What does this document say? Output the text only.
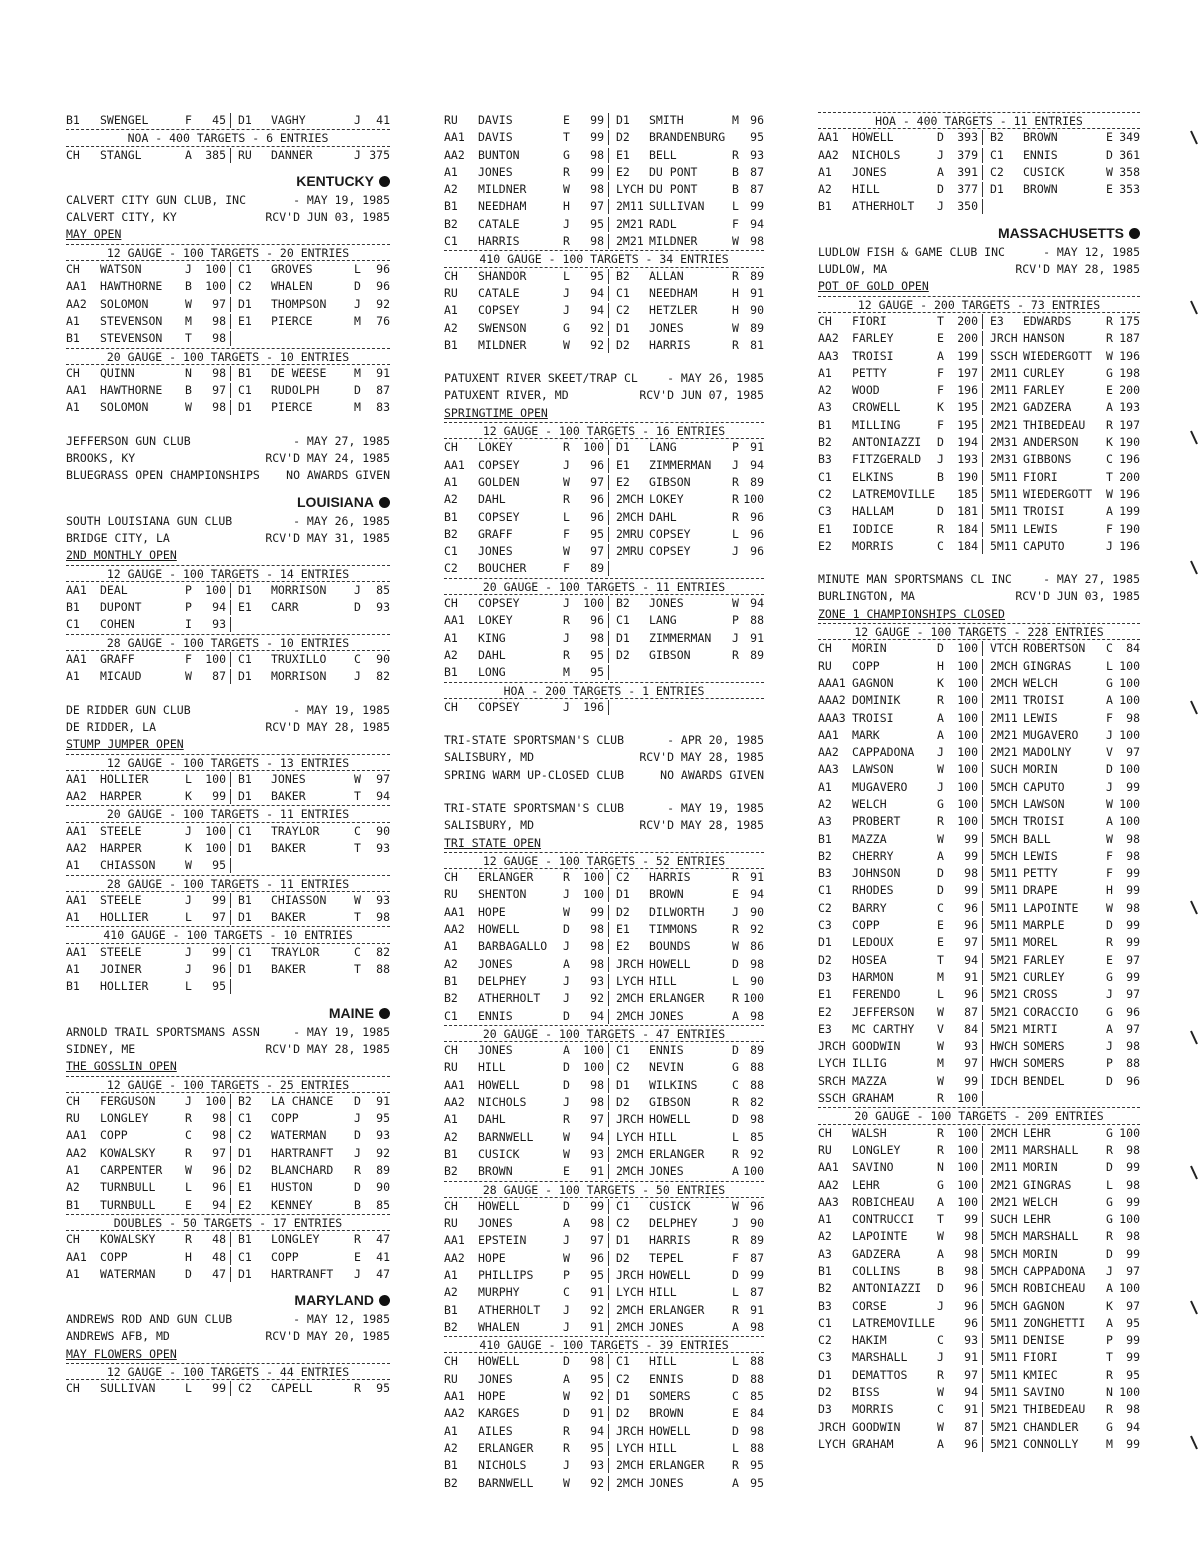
B1 SWENGEL	F	45 D1 VAGHY	J 41
NOA - 400 TARGETS - 6 ENTRIES
CH STANGL	A	385 RU DANNER	J 375
KENTUCKY
CALVERT CITY GUN CLUB, INC	- MAY 19, 1985
CALVERT CITY, KY	RCV'D JUN 03, 1985
MAY OPEN
12 GAUGE - 100 TARGETS - 20 ENTRIES
CH WATSON	J	100 C1 GROVES	L 96
AA1 HAWTHORNE B	100 C2 WHALEN	D 96
AA2 SOLOMON	W	97 D1 THOMPSON J 92
A1 STEVENSON M	98 E1 PIERCE	M 76
B1 STEVENSON T	98
20 GAUGE - 100 TARGETS - 10 ENTRIES
CH QUINN	N	98 B1 DE WEESE M 91
AA1 HAWTHORNE B	97 C1 RUDOLPH	D 87
A1 SOLOMON	W	98 D1 PIERCE	M 83
JEFFERSON GUN CLUB	- MAY 27, 1985
BROOKS, KY	RCV'D MAY 24, 1985
BLUEGRASS OPEN CHAMPIONSHIPS NO AWARDS GIVEN
LOUISIANA
SOUTH LOUISIANA GUN CLUB	- MAY 26, 1985
BRIDGE CITY, LA	RCV'D MAY 31, 1985
2ND MONTHLY OPEN
12 GAUGE - 100 TARGETS - 14 ENTRIES
AA1 DEAL	P	100 D1 MORRISON J 85
B1 DUPONT	P	94 E1 CARR	D 93
C1 COHEN	I	93
28 GAUGE - 100 TARGETS - 10 ENTRIES
AA1 GRAFF	F	100 C1 TRUXILLO C 90
A1 MICAUD	W	87 D1 MORRISON J 82
DE RIDDER GUN CLUB	- MAY 19, 1985
DE RIDDER, LA	RCV'D MAY 28, 1985
STUMP JUMPER OPEN
12 GAUGE - 100 TARGETS - 13 ENTRIES
AA1 HOLLIER	L	100 B1 JONES	W 97
AA2 HARPER	K	99 D1 BAKER	T 94
20 GAUGE - 100 TARGETS - 11 ENTRIES
AA1 STEELE	J	100 C1 TRAYLOR	C 90
AA2 HARPER	K	100 D1 BAKER	T 93
A1 CHIASSON	W	95
28 GAUGE - 100 TARGETS - 11 ENTRIES
AA1 STEELE	J	99 B1 CHIASSON W 93
A1 HOLLIER	L	97 D1 BAKER	T 98
410 GAUGE - 100 TARGETS - 10 ENTRIES
AA1 STEELE	J	99 C1 TRAYLOR	C 82
A1 JOINER	J	96 D1 BAKER	T 88
B1 HOLLIER	L	95
MAINE
ARNOLD TRAIL SPORTSMANS ASSN	- MAY 19, 1985
SIDNEY, ME	RCV'D MAY 28, 1985
THE GOSSLIN OPEN
12 GAUGE - 100 TARGETS - 25 ENTRIES
CH FERGUSON	J	100 B2 LA CHANCE D 91
RU LONGLEY	R	98 C1 COPP	J 95
AA1 COPP	C	98 C2 WATERMAN D 93
AA2 KOWALSKY	R	97 D1 HARTRANFT J 92
A1 CARPENTER W	96 D2 BLANCHARD R 89
A2 TURNBULL	L	96 E1 HUSTON	D 90
B1 TURNBULL	E	94 E2 KENNEY	B 85
DOUBLES - 50 TARGETS - 17 ENTRIES
CH KOWALSKY	R	48 B1 LONGLEY	R 47
AA1 COPP	H	48 C1 COPP	E 41
A1 WATERMAN	D	47 D1 HARTRANFT J 47
MARYLAND
ANDREWS ROD AND GUN CLUB	- MAY 12, 1985
ANDREWS AFB, MD	RCV'D MAY 20, 1985
MAY FLOWERS OPEN
12 GAUGE - 100 TARGETS - 44 ENTRIES
CH SULLIVAN	L	99 C2 CAPELL	R 95
RU DAVIS	E	99 D1 SMITH	M 96
AA1 DAVIS	T	99 D2 BRANDENBURG 95
AA2 BUNTON	G	98 E1 BELL	R 93
A1 JONES	R	99 E2 DU PONT	B 87
A2 MILDNER	W	98 LYCH DU PONT	B 87
B1 NEEDHAM	H	97 2M11 SULLIVAN L 99
B2 CATALE	J	95 2M21 RADL	F 94
C1 HARRIS	R	98 2M21 MILDNER	W 98
410 GAUGE - 100 TARGETS - 34 ENTRIES
CH SHANDOR	L	95 B2 ALLAN	R 89
RU CATALE	J	94 C1 NEEDHAM	H 91
A1 COPSEY	J	94 C2 HETZLER	H 90
A2 SWENSON	G	92 D1 JONES	W 89
B1 MILDNER	W	92 D2 HARRIS	R 81
PATUXENT RIVER SKEET/TRAP CL	- MAY 26, 1985
PATUXENT RIVER, MD	RCV'D JUN 07, 1985
SPRINGTIME OPEN
12 GAUGE - 100 TARGETS - 16 ENTRIES
CH LOKEY	R	100 D1 LANG	P 91
AA1 COPSEY	J	96 E1 ZIMMERMAN J 94
A1 GOLDEN	W	97 E2 GIBSON	R 89
A2 DAHL	R	96 2MCH LOKEY	R 100
B1 COPSEY	L	96 2MCH DAHL	R 96
B2 GRAFF	F	95 2MRU COPSEY	L 96
C1 JONES	W	97 2MRU COPSEY	J 96
C2 BOUCHER	F	89
20 GAUGE - 100 TARGETS - 11 ENTRIES
CH COPSEY	J	100 B2 JONES	W 94
AA1 LOKEY	R	96 C1 LANG	P 88
A1 KING	J	98 D1 ZIMMERMAN J 91
A2 DAHL	R	95 D2 GIBSON	R 89
B1 LONG	M	95
HOA - 200 TARGETS - 1 ENTRIES
CH COPSEY	J	196
TRI-STATE SPORTSMAN'S CLUB	- APR 20, 1985
SALISBURY, MD	RCV'D MAY 28, 1985
SPRING WARM UP-CLOSED CLUB	NO AWARDS GIVEN
TRI-STATE SPORTSMAN'S CLUB	- MAY 19, 1985
SALISBURY, MD	RCV'D MAY 28, 1985
TRI STATE OPEN
12 GAUGE - 100 TARGETS - 52 ENTRIES
CH ERLANGER	R	100 C2 HARRIS	R 91
RU SHENTON	J	100 D1 BROWN	E 94
AA1 HOPE	W	99 D2 DILWORTH J 90
AA2 HOWELL	D	98 E1 TIMMONS	R 92
A1 BARBAGALLO J	98 E2 BOUNDS	W 86
A2 JONES	A	98 JRCH HOWELL	D 98
B1 DELPHEY	J	93 LYCH HILL	L 90
B2 ATHERHOLT J	92 2MCH ERLANGER R 100
C1 ENNIS	D	94 2MCH JONES	A 98
20 GAUGE - 100 TARGETS - 47 ENTRIES
CH JONES	A	100 C1 ENNIS	D 89
RU HILL	D	100 C2 NEVIN	G 88
AA1 HOWELL	D	98 D1 WILKINS	C 88
AA2 NICHOLS	J	98 D2 GIBSON	R 82
A1 DAHL	R	97 JRCH HOWELL	D 98
A2 BARNWELL	W	94 LYCH HILL	L 85
B1 CUSICK	W	93 2MCH ERLANGER R 92
B2 BROWN	E	91 2MCH JONES	A 100
28 GAUGE - 100 TARGETS - 50 ENTRIES
CH HOWELL	D	99 C1 CUSICK	W 96
RU JONES	A	98 C2 DELPHEY	J 90
AA1 EPSTEIN	J	97 D1 HARRIS	R 89
AA2 HOPE	W	96 D2 TEPEL	F 87
A1 PHILLIPS	P	95 JRCH HOWELL	D 99
A2 MURPHY	C	91 LYCH HILL	L 87
B1 ATHERHOLT J	92 2MCH ERLANGER R 91
B2 WHALEN	J	91 2MCH JONES	A 98
410 GAUGE - 100 TARGETS - 39 ENTRIES
CH HOWELL	D	98 C1 HILL	L 88
RU JONES	A	95 C2 ENNIS	D 88
AA1 HOPE	W	92 D1 SOMERS	C 85
AA2 KARGES	D	91 D2 BROWN	E 84
A1 AILES	R	94 JRCH HOWELL	D 98
A2 ERLANGER	R	95 LYCH HILL	L 88
B1 NICHOLS	J	93 2MCH ERLANGER R 95
B2 BARNWELL	W	92 2MCH JONES	A 95
HOA - 400 TARGETS - 11 ENTRIES
AA1 HOWELL	D	393 B2 BROWN	E 349
AA2 NICHOLS	J	379 C1 ENNIS	D 361
A1 JONES	A	391 C2 CUSICK	W 358
A2 HILL	D	377 D1 BROWN	E 353
B1 ATHERHOLT J	350
MASSACHUSETTS
LUDLOW FISH & GAME CLUB INC	- MAY 12, 1985
LUDLOW, MA	RCV'D MAY 28, 1985
POT OF GOLD OPEN
12 GAUGE - 200 TARGETS - 73 ENTRIES
CH FIORI	T	200 E3 EDWARDS	R 175
AA2 FARLEY	E	200 JRCH HANSON	R 187
AA3 TROISI	A	199 SSCH WIEDERGOTT W 196
A1 PETTY	F	197 2M11 CURLEY	G 198
A2 WOOD	F	196 2M11 FARLEY	E 200
A3 CROWELL	K	195 2M21 GADZERA	A 193
B1 MILLING	F	195 2M21 THIBEDEAU R 197
B2 ANTONIAZZI D	194 2M31 ANDERSON K 190
B3 FITZGERALD J	193 2M31 GIBBONS	C 196
C1 ELKINS	B	190 5M11 FIORI	T 200
C2 LATREMOVILLE	185 5M11 WIEDERGOTT W 196
C3 HALLAM	D	181 5M11 TROISI	A 199
E1 IODICE	R	184 5M11 LEWIS	F 190
E2 MORRIS	C	184 5M11 CAPUTO	J 196
MINUTE MAN SPORTSMANS CL INC	- MAY 27, 1985
BURLINGTON, MA	RCV'D JUN 03, 1985
ZONE 1 CHAMPIONSHIPS CLOSED
12 GAUGE - 100 TARGETS - 228 ENTRIES
CH MORIN	D	100 VTCH ROBERTSON C 84
RU COPP	H	100 2MCH GINGRAS	L 100
AAA1 GAGNON	K	100 2MCH WELCH	G 100
AAA2 DOMINIK	R	100 2M11 TROISI	A 100
AAA3 TROISI	A	100 2M11 LEWIS	F 98
AA1 MARK	A	100 2M21 MUGAVERO J 100
AA2 CAPPADONA J	100 2M21 MADOLNY	V 97
AA3 LAWSON	W	100 SUCH MORIN	D 100
A1 MUGAVERO	J	100 5MCH CAPUTO	J 99
A2 WELCH	G	100 5MCH LAWSON	W 100
A3 PROBERT	R	100 5MCH TROISI	A 100
B1 MAZZA	W	99 5MCH BALL	W 98
B2 CHERRY	A	99 5MCH LEWIS	F 98
B3 JOHNSON	D	98 5M11 PETTY	F 99
C1 RHODES	D	99 5M11 DRAPE	H 99
C2 BARRY	C	96 5M11 LAPOINTE W 98
C3 COPP	E	96 5M11 MARPLE	D 99
D1 LEDOUX	E	97 5M11 MOREL	R 99
D2 HOSEA	T	94 5M21 FARLEY	E 97
D3 HARMON	M	91 5M21 CURLEY	G 99
E1 FERENDO	L	96 5M21 CROSS	J 97
E2 JEFFERSON W	87 5M21 CORACCIO G 96
E3 MC CARTHY V	84 5M21 MIRTI	A 97
JRCH GOODWIN	W	93 HWCH SOMERS	J 98
LYCH ILLIG	M	97 HWCH SOMERS	P 88
SRCH MAZZA	W	99 IDCH BENDEL	D 96
SSCH GRAHAM	R	100
20 GAUGE - 100 TARGETS - 209 ENTRIES
CH WALSH	R	100 2MCH LEHR	G 100
RU LONGLEY	R	100 2M11 MARSHALL R 98
AA1 SAVINO	N	100 2M11 MORIN	D 99
AA2 LEHR	G	100 2M21 GINGRAS	L 98
AA3 ROBICHEAU A	100 2M21 WELCH	G 99
A1 CONTRUCCI T	99 SUCH LEHR	G 100
A2 LAPOINTE	W	98 5MCH MARSHALL R 98
A3 GADZERA	A	98 5MCH MORIN	D 99
B1 COLLINS	B	98 5MCH CAPPADONA J 97
B2 ANTONIAZZI D	96 5MCH ROBICHEAU A 100
B3 CORSE	J	96 5MCH GAGNON	K 97
C1 LATREMOVILLE	96 5M11 ZONGHETTI A 95
C2 HAKIM	C	93 5M11 DENISE	P 99
C3 MARSHALL	J	91 5M11 FIORI	T 99
D1 DEMATTOS	R	97 5M11 KMIEC	R 95
D2 BISS	W	94 5M11 SAVINO	N 100
D3 MORRIS	C	91 5M21 THIBEDEAU R 98
JRCH GOODWIN	W	87 5M21 CHANDLER G 94
LYCH GRAHAM	A	96 5M21 CONNOLLY M 99
